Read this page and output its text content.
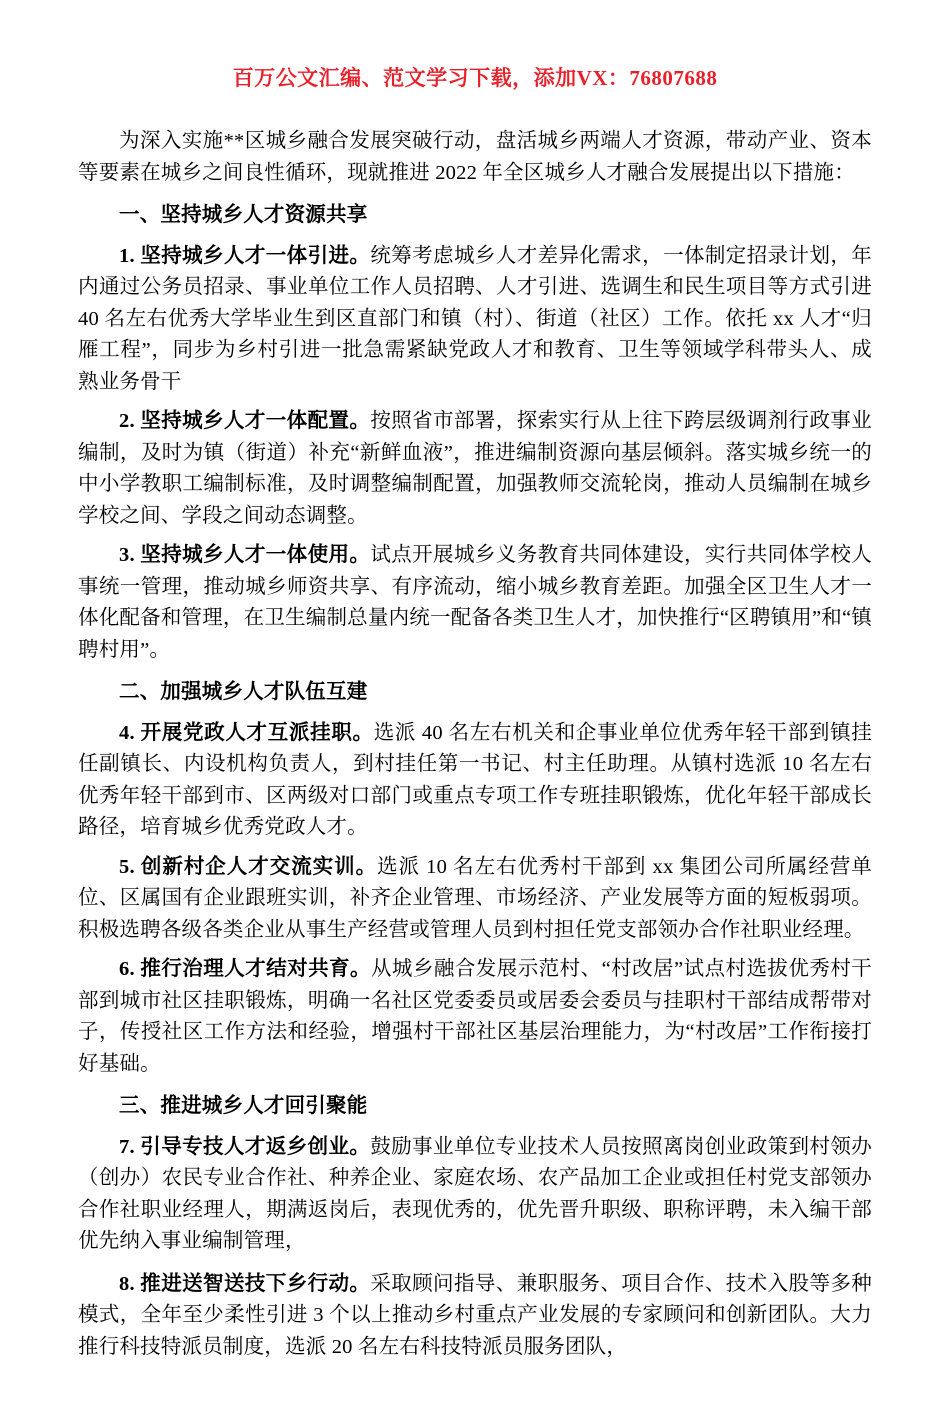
百万公文汇编、范文学习下载，添加VX：76807688

为深入实施**区城乡融合发展突破行动，盘活城乡两端人才资源，带动产业、资本等要素在城乡之间良性循环，现就推进 2022 年全区城乡人才融合发展提出以下措施：

一、坚持城乡人才资源共享

1. 坚持城乡人才一体引进。统筹考虑城乡人才差异化需求，一体制定招录计划，年内通过公务员招录、事业单位工作人员招聘、人才引进、选调生和民生项目等方式引进 40 名左右优秀大学毕业生到区直部门和镇（村）、街道（社区）工作。依托 xx 人才“归雁工程”，同步为乡村引进一批急需紧缺党政人才和教育、卫生等领域学科带头人、成熟业务骨干

2. 坚持城乡人才一体配置。按照省市部署，探索实行从上往下跨层级调剂行政事业编制，及时为镇（街道）补充“新鲜血液”，推进编制资源向基层倾斜。落实城乡统一的中小学教职工编制标准，及时调整编制配置，加强教师交流轮岗，推动人员编制在城乡学校之间、学段之间动态调整。

3. 坚持城乡人才一体使用。试点开展城乡义务教育共同体建设，实行共同体学校人事统一管理，推动城乡师资共享、有序流动，缩小城乡教育差距。加强全区卫生人才一体化配备和管理，在卫生编制总量内统一配备各类卫生人才，加快推行“区聘镇用”和“镇聘村用”。

二、加强城乡人才队伍互建

4. 开展党政人才互派挂职。选派 40 名左右机关和企事业单位优秀年轻干部到镇挂任副镇长、内设机构负责人，到村挂任第一书记、村主任助理。从镇村选派 10 名左右优秀年轻干部到市、区两级对口部门或重点专项工作专班挂职锻炼，优化年轻干部成长路径，培育城乡优秀党政人才。

5. 创新村企人才交流实训。选派 10 名左右优秀村干部到 xx 集团公司所属经营单位、区属国有企业跟班实训，补齐企业管理、市场经济、产业发展等方面的短板弱项。积极选聘各级各类企业从事生产经营或管理人员到村担任党支部领办合作社职业经理。

6. 推行治理人才结对共育。从城乡融合发展示范村、“村改居”试点村选拔优秀村干部到城市社区挂职锻炼，明确一名社区党委委员或居委会委员与挂职村干部结成帮带对子，传授社区工作方法和经验，增强村干部社区基层治理能力，为“村改居”工作衔接打好基础。

三、推进城乡人才回引聚能

7. 引导专技人才返乡创业。鼓励事业单位专业技术人员按照离岗创业政策到村领办（创办）农民专业合作社、种养企业、家庭农场、农产品加工企业或担任村党支部领办合作社职业经理人，期满返岗后，表现优秀的，优先晋升职级、职称评聘，未入编干部优先纳入事业编制管理，

8. 推进送智送技下乡行动。采取顾问指导、兼职服务、项目合作、技术入股等多种模式，全年至少柔性引进 3 个以上推动乡村重点产业发展的专家顾问和创新团队。大力推行科技特派员制度，选派 20 名左右科技特派员服务团队，
